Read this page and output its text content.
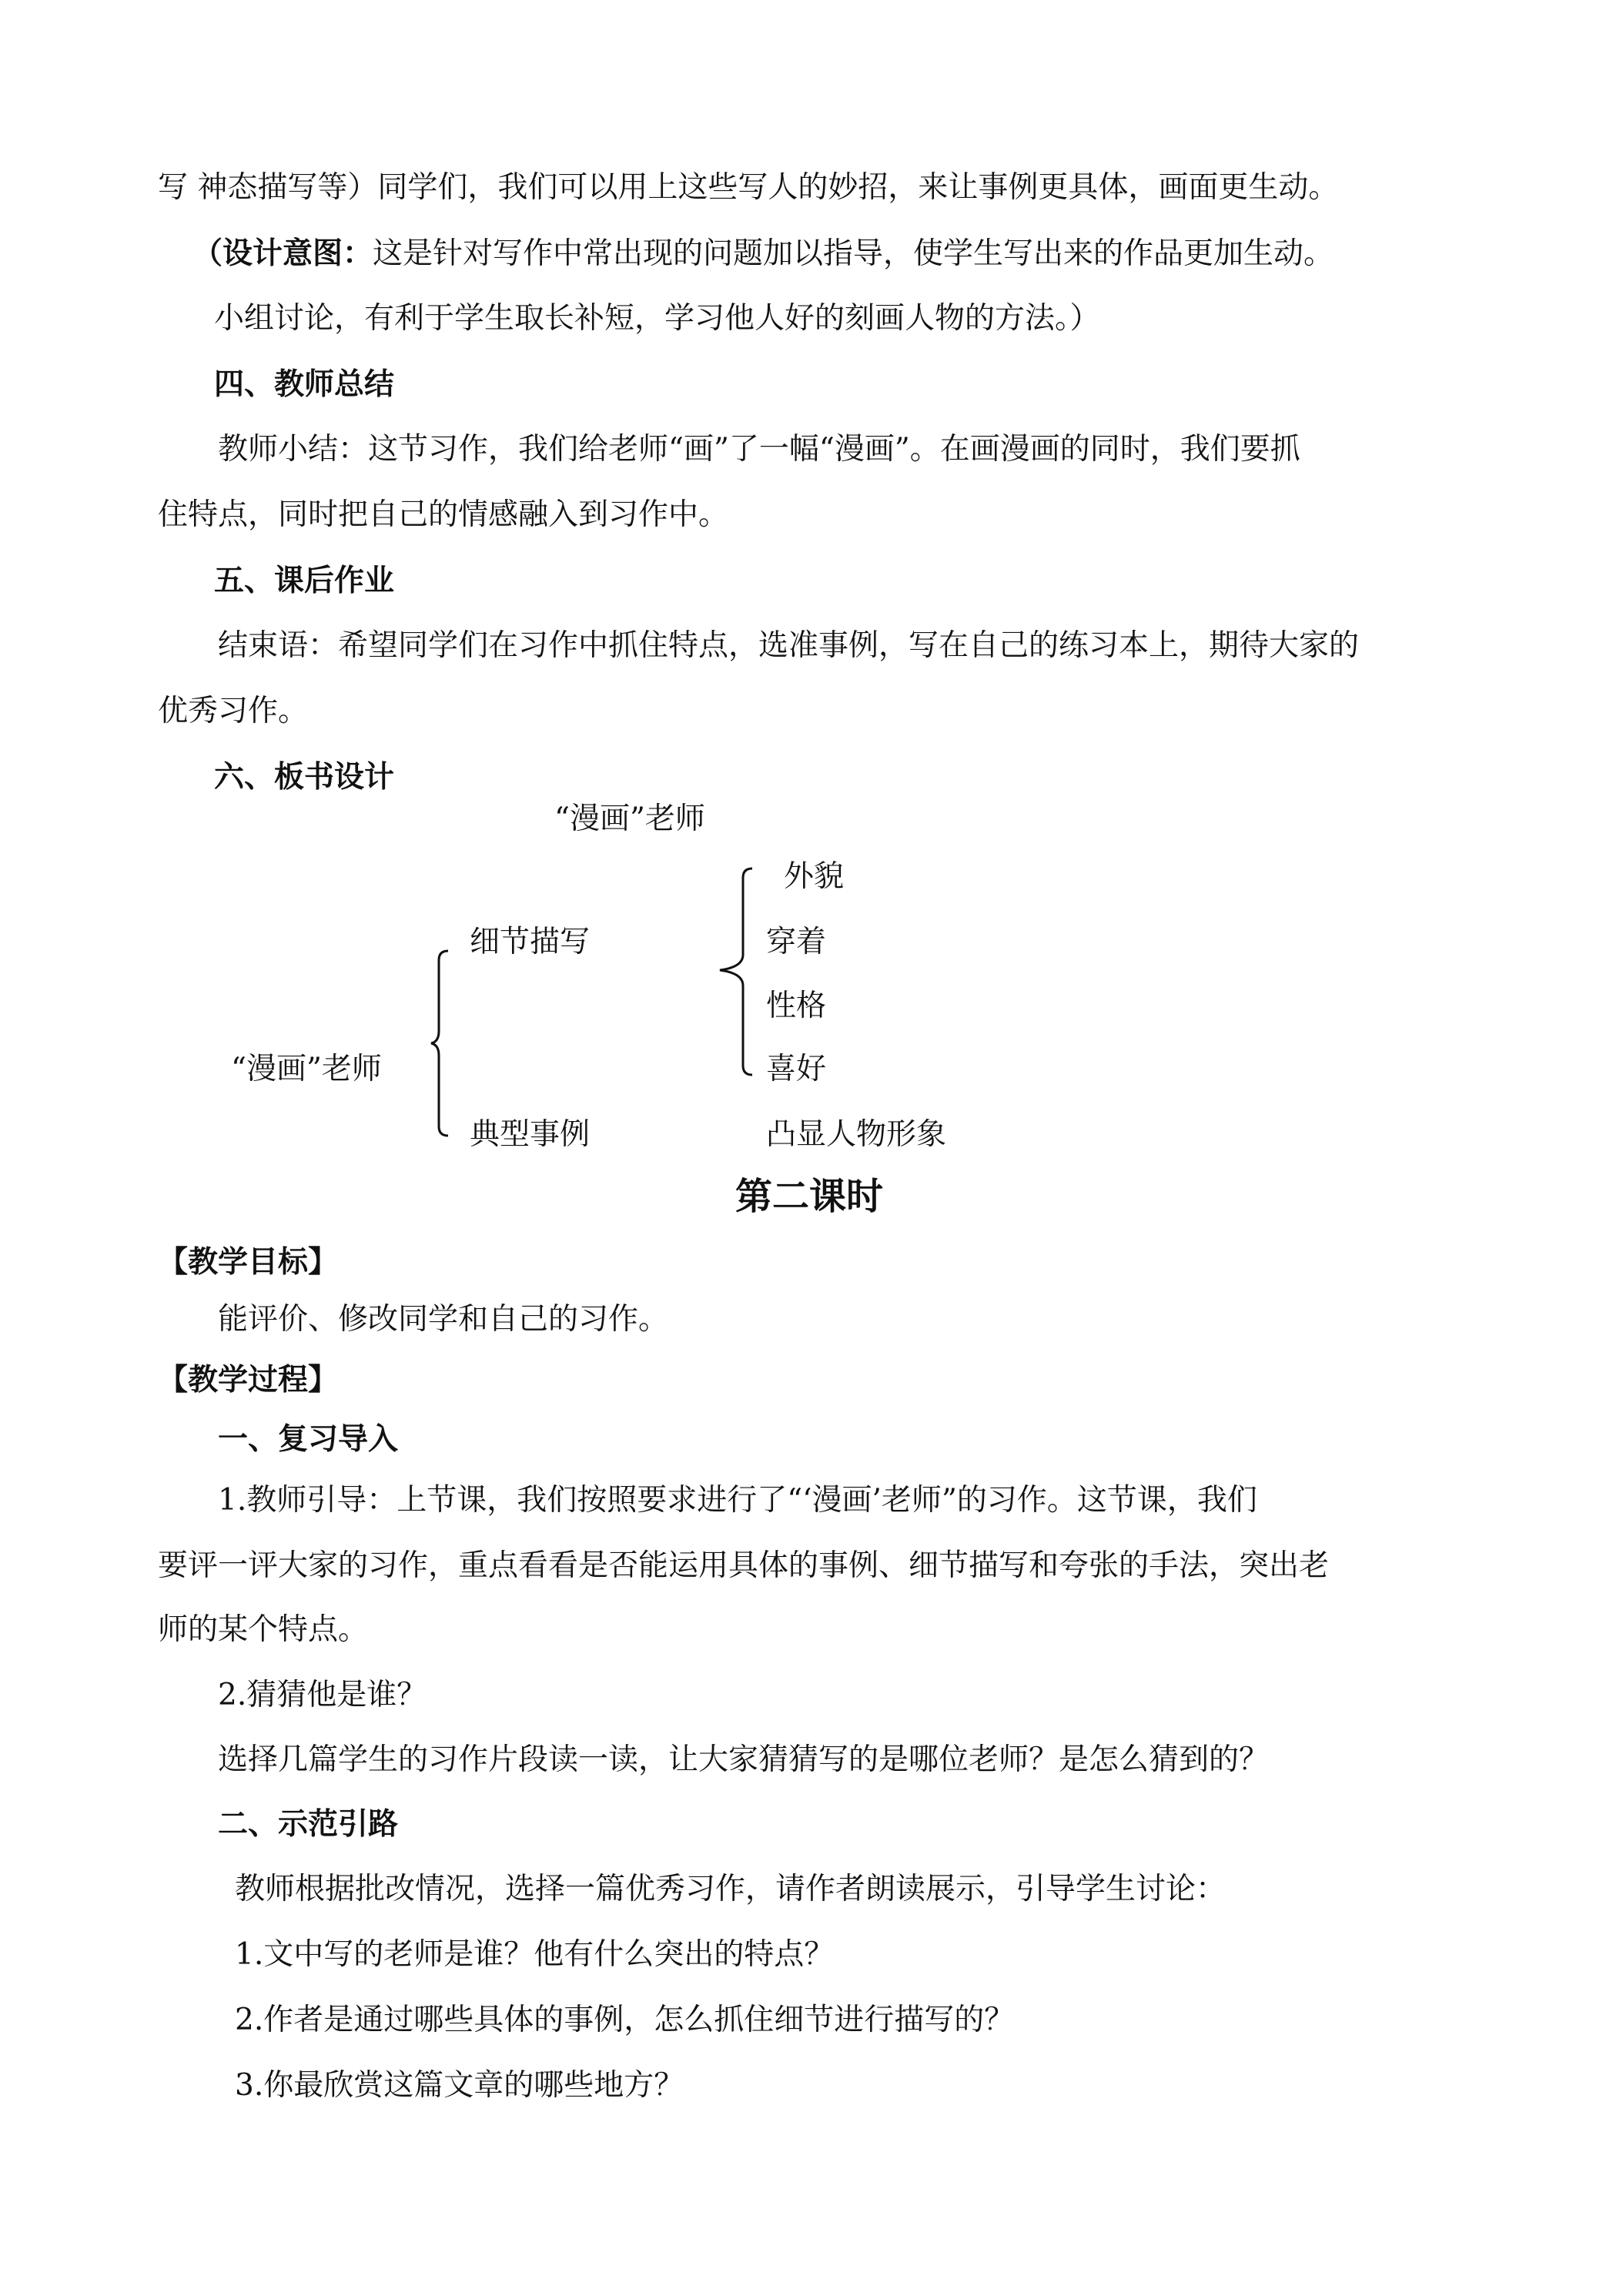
写 神态描写等）同学们，我们可以用上这些写人的妙招，来让事例更具体，画面更生动。
（设计意图：这是针对写作中常出现的问题加以指导，使学生写出来的作品更加生动。
小组讨论，有利于学生取长补短，学习他人好的刻画人物的方法。）
四、教师总结
教师小结：这节习作，我们给老师“画”了一幅“漫画”。在画漫画的同时，我们要抓
住特点，同时把自己的情感融入到习作中。
五、课后作业
结束语：希望同学们在习作中抓住特点，选准事例，写在自己的练习本上，期待大家的
优秀习作。
六、板书设计
“漫画”老师
外貌
细节描写	穿着
性格
“漫画”老师	喜好
典型事例	凸显人物形象
第二课时
【教学目标】
能评价、修改同学和自己的习作。
【教学过程】
一、复习导入
1.教师引导：上节课，我们按照要求进行了“‘漫画’老师”的习作。这节课，我们
要评一评大家的习作，重点看看是否能运用具体的事例、细节描写和夸张的手法，突出老
师的某个特点。
2.猜猜他是谁？
选择几篇学生的习作片段读一读，让大家猜猜写的是哪位老师？是怎么猜到的？
二、示范引路
教师根据批改情况，选择一篇优秀习作，请作者朗读展示，引导学生讨论：
1.文中写的老师是谁？他有什么突出的特点？
2.作者是通过哪些具体的事例，怎么抓住细节进行描写的？
3.你最欣赏这篇文章的哪些地方？
